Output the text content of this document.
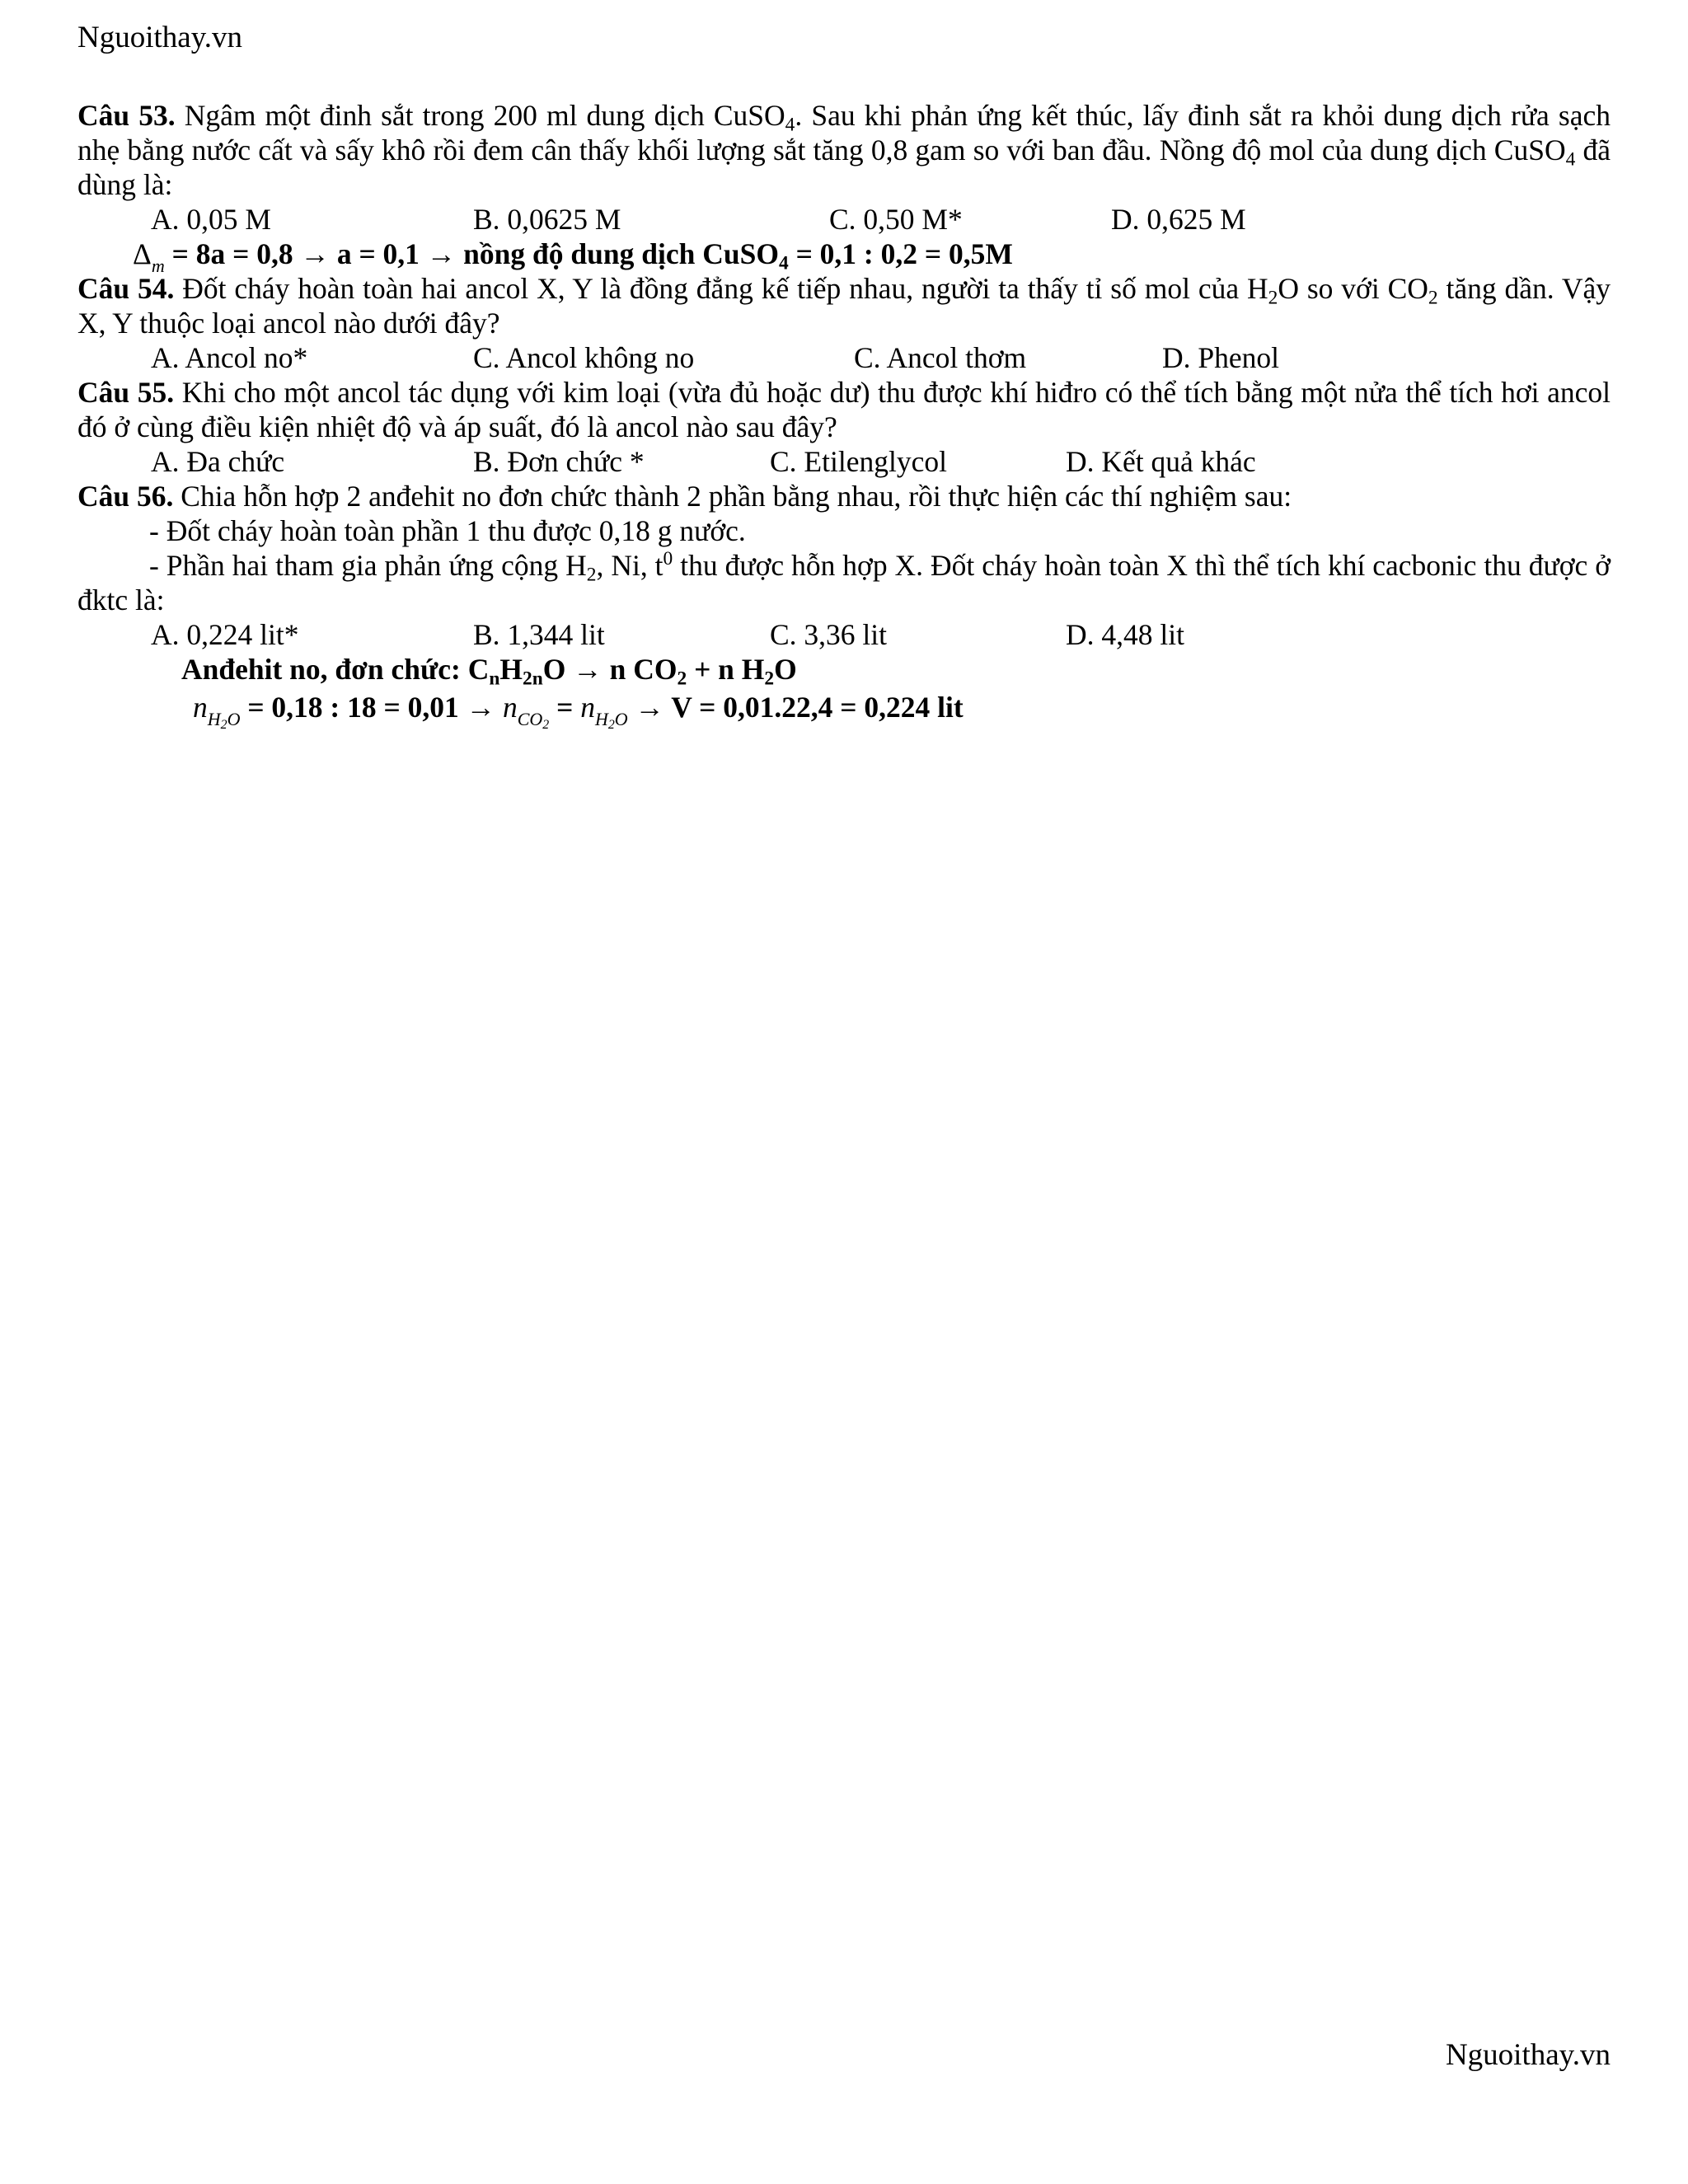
Nguoithay.vn
Câu 53. Ngâm một đinh sắt trong 200 ml dung dịch CuSO$_4$. Sau khi phản ứng kết thúc, lấy đinh sắt ra khỏi dung dịch rửa sạch nhẹ bằng nước cất và sấy khô rồi đem cân thấy khối lượng sắt tăng 0,8 gam so với ban đầu. Nồng độ mol của dung dịch CuSO$_4$ đã dùng là:
A. 0,05 M	B. 0,0625 M	C. 0,50 M*	D. 0,625 M
$\Delta_m = 8a = 0,8 \to a = 0,1$ → nồng độ dung dịch CuSO$_4$ = 0,1 : 0,2 = 0,5M
Câu 54. Đốt cháy hoàn toàn hai ancol X, Y là đồng đẳng kế tiếp nhau, người ta thấy tỉ số mol của $H_2O$ so với $CO_2$ tăng dần. Vậy X, Y thuộc loại ancol nào dưới đây?
A. Ancol no*	C. Ancol không no	C. Ancol thơm	D. Phenol
Câu 55. Khi cho một ancol tác dụng với kim loại (vừa đủ hoặc dư) thu được khí hiđro có thể tích bằng một nửa thể tích hơi ancol đó ở cùng điều kiện nhiệt độ và áp suất, đó là ancol nào sau đây?
A. Đa chức	B. Đơn chức *	C. Etilenglycol	D. Kết quả khác
Câu 56. Chia hỗn hợp 2 anđehit no đơn chức thành 2 phần bằng nhau, rồi thực hiện các thí nghiệm sau:
- Đốt cháy hoàn toàn phần 1 thu được 0,18 g nước.
- Phần hai tham gia phản ứng cộng $H_2$, Ni, $t^0$ thu được hỗn hợp X. Đốt cháy hoàn toàn X thì thể tích khí cacbonic thu được ở đktc là:
A. 0,224 lit*	B. 1,344 lit	C. 3,36 lit	D. 4,48 lit
Anđehit no, đơn chức: $C_nH_{2n}O \to n$ $CO_2 + n$ $H_2O$
$n_{H2O} = 0,18$ : $18 = 0,01 \to n_{CO2} = n_{H2O} \to V = 0,01.22,4 = 0,224$ lit
Nguoithay.vn
